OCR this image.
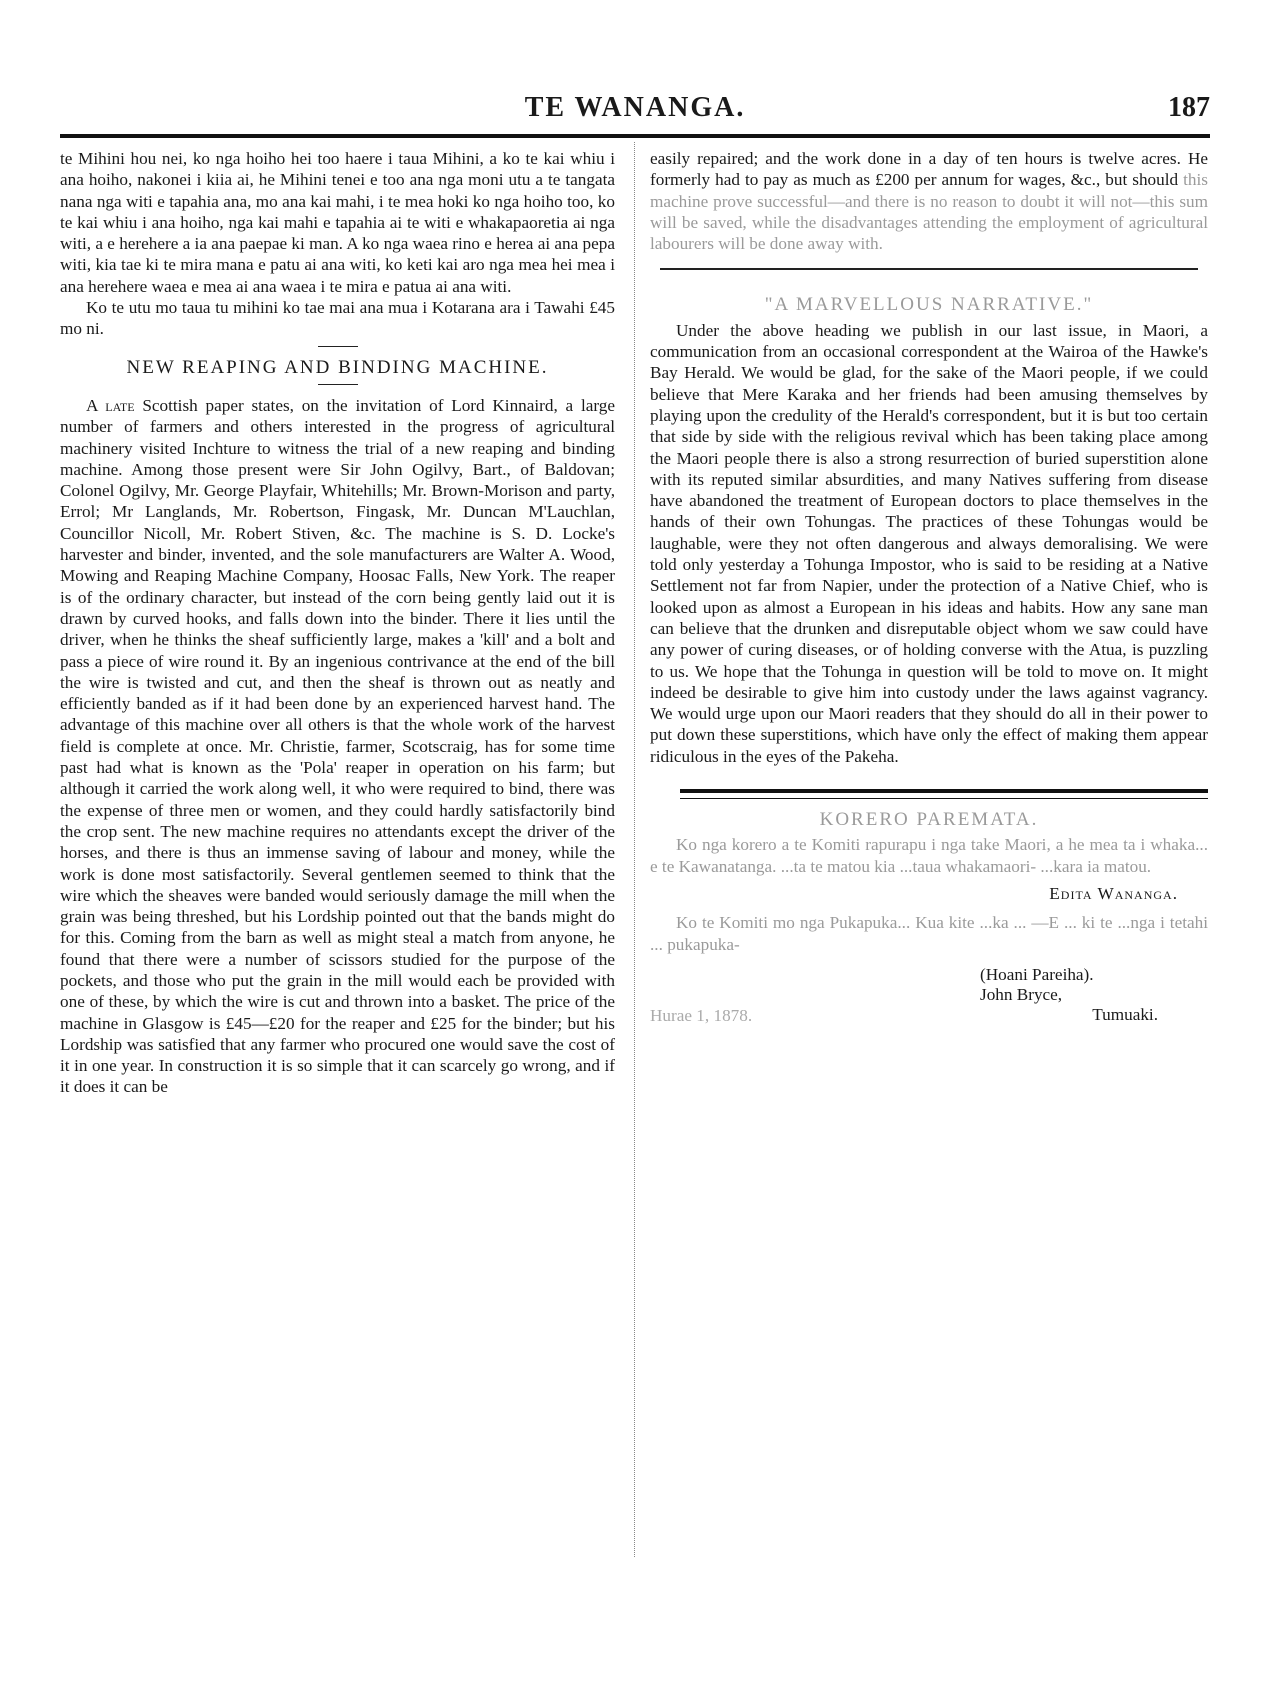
TE WANANGA.	187

te Mihini hou nei, ko nga hoiho hei too haere i taua Mihini, a ko te kai whiu i ana hoiho, nakonei i kiia ai, he Mihini tenei e too ana nga moni utu a te tangata nana nga witi e tapahia ana, mo ana kai mahi, i te mea hoki ko nga hoiho too, ko te kai whiu i ana hoiho, nga kai mahi e tapahia ai te witi e whakapaoretia ai nga witi, a e herehere a ia ana paepae ki man. A ko nga waea rino e herea ai ana pepa witi, kia tae ki te mira mana e patu ai ana witi, ko keti kai aro nga mea hei mea i ana herehere waea e mea ai ana waea i te mira e patua ai ana witi.

Ko te utu mo taua tu mihini ko tae mai ana mua i Kotarana ara i Tawahi £45 mo ni.

NEW REAPING AND BINDING MACHINE.

A late Scottish paper states, on the invitation of Lord Kinnaird, a large number of farmers and others interested in the progress of agricultural machinery visited Inchture to witness the trial of a new reaping and binding machine. Among those present were Sir John Ogilvy, Bart., of Baldovan; Colonel Ogilvy, Mr. George Playfair, Whitehills; Mr. Brown-Morison and party, Errol; Mr Langlands, Mr. Robertson, Fingask, Mr. Duncan M'Lauchlan, Councillor Nicoll, Mr. Robert Stiven, &c. The machine is S. D. Locke's harvester and binder, invented, and the sole manufacturers are Walter A. Wood, Mowing and Reaping Machine Company, Hoosac Falls, New York. The reaper is of the ordinary character, but instead of the corn being gently laid out it is drawn by curved hooks, and falls down into the binder. There it lies until the driver, when he thinks the sheaf sufficiently large, makes a 'kill' and a bolt and pass a piece of wire round it. By an ingenious contrivance at the end of the bill the wire is twisted and cut, and then the sheaf is thrown out as neatly and efficiently banded as if it had been done by an experienced harvest hand. The advantage of this machine over all others is that the whole work of the harvest field is complete at once. Mr. Christie, farmer, Scotscraig, has for some time past had what is known as the 'Pola' reaper in operation on his farm; but although it carried the work along well, it who were required to bind, there was the expense of three men or women, and they could hardly satisfactorily bind the crop sent. The new machine requires no attendants except the driver of the horses, and there is thus an immense saving of labour and money, while the work is done most satisfactorily. Several gentlemen seemed to think that the wire which the sheaves were banded would seriously damage the mill when the grain was being threshed, but his Lordship pointed out that the bands might do for this. Coming from the barn as well as might steal a match from anyone, he found that there were a number of scissors studied for the purpose of the pockets, and those who put the grain in the mill would each be provided with one of these, by which the wire is cut and thrown into a basket. The price of the machine in Glasgow is £45—£20 for the reaper and £25 for the binder; but his Lordship was satisfied that any farmer who procured one would save the cost of it in one year. In construction it is so simple that it can scarcely go wrong, and if it does it can be

easily repaired; and the work done in a day of ten hours is twelve acres. He formerly had to pay as much as £200 per annum for wages, &c., but should this machine prove successful—and there is no reason to doubt it will not—this sum will be saved, while the disadvantages attending the employment of agricultural labourers will be done away with.

"A MARVELLOUS NARRATIVE."

Under the above heading we publish in our last issue, in Maori, a communication from an occasional correspondent at the Wairoa of the Hawke's Bay Herald. We would be glad, for the sake of the Maori people, if we could believe that Mere Karaka and her friends had been amusing themselves by playing upon the credulity of the Herald's correspondent, but it is but too certain that side by side with the religious revival which has been taking place among the Maori people there is also a strong resurrection of buried superstition alone with its reputed similar absurdities, and many Natives suffering from disease have abandoned the treatment of European doctors to place themselves in the hands of their own Tohungas. The practices of these Tohungas would be laughable, were they not often dangerous and always demoralising. We were told only yesterday a Tohunga Impostor, who is said to be residing at a Native Settlement not far from Napier, under the protection of a Native Chief, who is looked upon as almost a European in his ideas and habits. How any sane man can believe that the drunken and disreputable object whom we saw could have any power of curing diseases, or of holding converse with the Atua, is puzzling to us. We hope that the Tohunga in question will be told to move on. It might indeed be desirable to give him into custody under the laws against vagrancy. We would urge upon our Maori readers that they should do all in their power to put down these superstitions, which have only the effect of making them appear ridiculous in the eyes of the Pakeha.

KORERO PAREMATA.

Ko nga korero a te Komiti rapurapu i nga take Maori, a he mea ta i whaka... e te Kawanatanga. ...ta te matou kia ...taua whakamaori- ...kara ia matou.

Edita Wananga.

Ko te Komiti mo nga Pukapuka... Kua kite ...ka ... —E ... ki te ...nga i tetahi ... pukapuka-

(Hoani Pareiha).
John Bryce,
Tumuaki.
Hurae 1, 1878.
